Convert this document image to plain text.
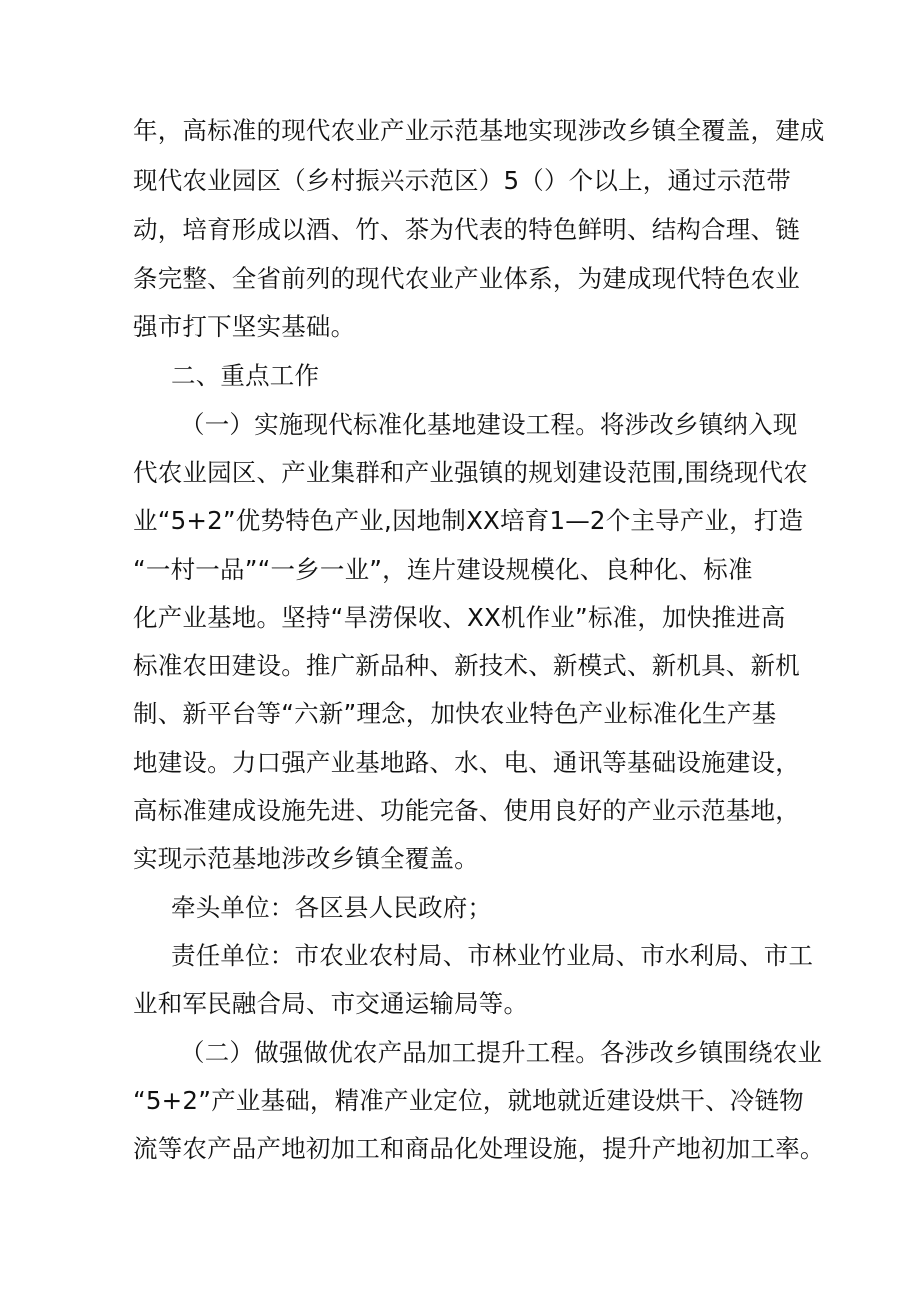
年，高标准的现代农业产业示范基地实现涉改乡镇全覆盖，建成
现代农业园区（乡村振兴示范区）5（）个以上，通过示范带
动，培育形成以酒、竹、茶为代表的特色鲜明、结构合理、链
条完整、全省前列的现代农业产业体系，为建成现代特色农业
强市打下坚实基础。
二、重点工作
（一）实施现代标准化基地建设工程。将涉改乡镇纳入现
代农业园区、产业集群和产业强镇的规划建设范围,围绕现代农
业“5+2”优势特色产业,因地制XX培育1—2个主导产业，打造
“一村一品”“一乡一业”，连片建设规模化、良种化、标准
化产业基地。坚持“旱涝保收、XX机作业”标准，加快推进高
标准农田建设。推广新品种、新技术、新模式、新机具、新机
制、新平台等“六新”理念，加快农业特色产业标准化生产基
地建设。力口强产业基地路、水、电、通讯等基础设施建设，
高标准建成设施先进、功能完备、使用良好的产业示范基地，
实现示范基地涉改乡镇全覆盖。
牵头单位：各区县人民政府；
责任单位：市农业农村局、市林业竹业局、市水利局、市工
业和军民融合局、市交通运输局等。
（二）做强做优农产品加工提升工程。各涉改乡镇围绕农业
“5+2”产业基础，精准产业定位，就地就近建设烘干、冷链物
流等农产品产地初加工和商品化处理设施，提升产地初加工率。
